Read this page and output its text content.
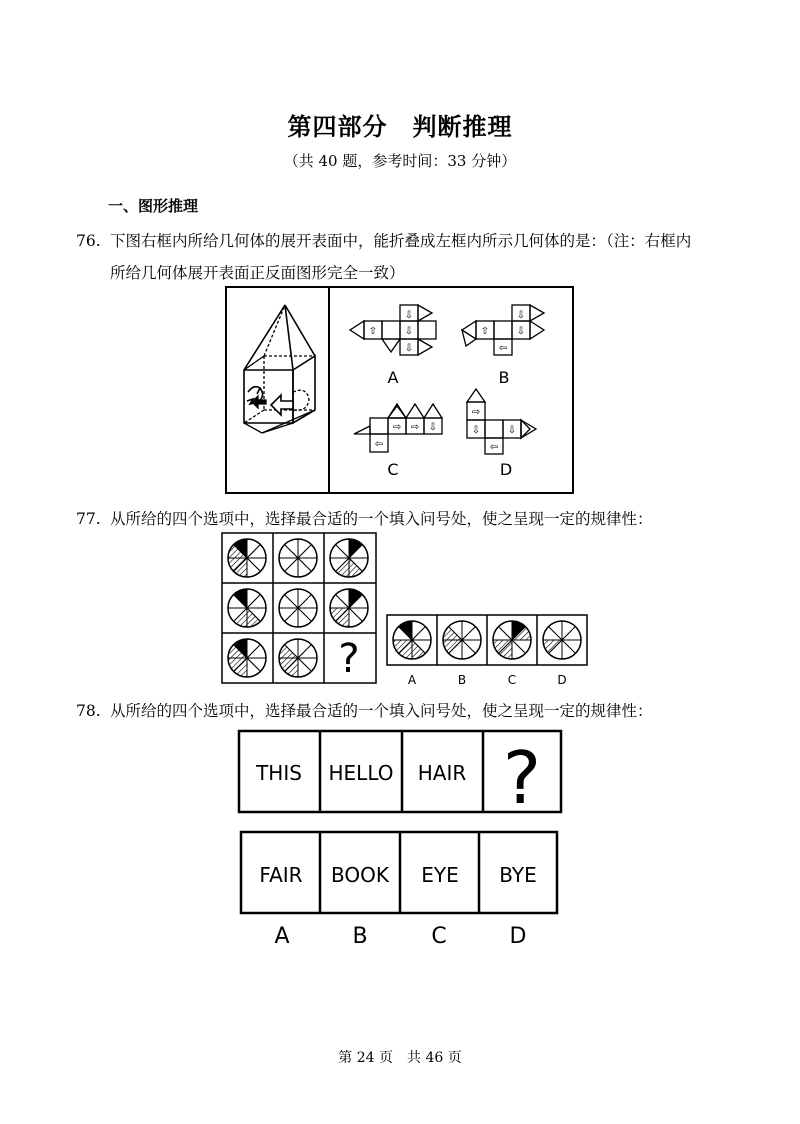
第四部分　判断推理
（共 40 题，参考时间：33 分钟）
一、图形推理
76. 下图右框内所给几何体的展开表面中，能折叠成左框内所示几何体的是：（注：右框内
所给几何体展开表面正反面图形完全一致）
⇧
⇩
⇩
⇩
A
⇧
⇩
⇩
⇦
B
⇦
⇨ ⇨ ⇩
C
⇨
⇩	⇩
⇦
D
?	A	B	C	D
THIS HELLO HAIR ?
FAIR BOOK EYE BYE
A	B	C	D
77. 从所给的四个选项中，选择最合适的一个填入问号处，使之呈现一定的规律性：
78. 从所给的四个选项中，选择最合适的一个填入问号处，使之呈现一定的规律性：
第 24 页　共 46 页
